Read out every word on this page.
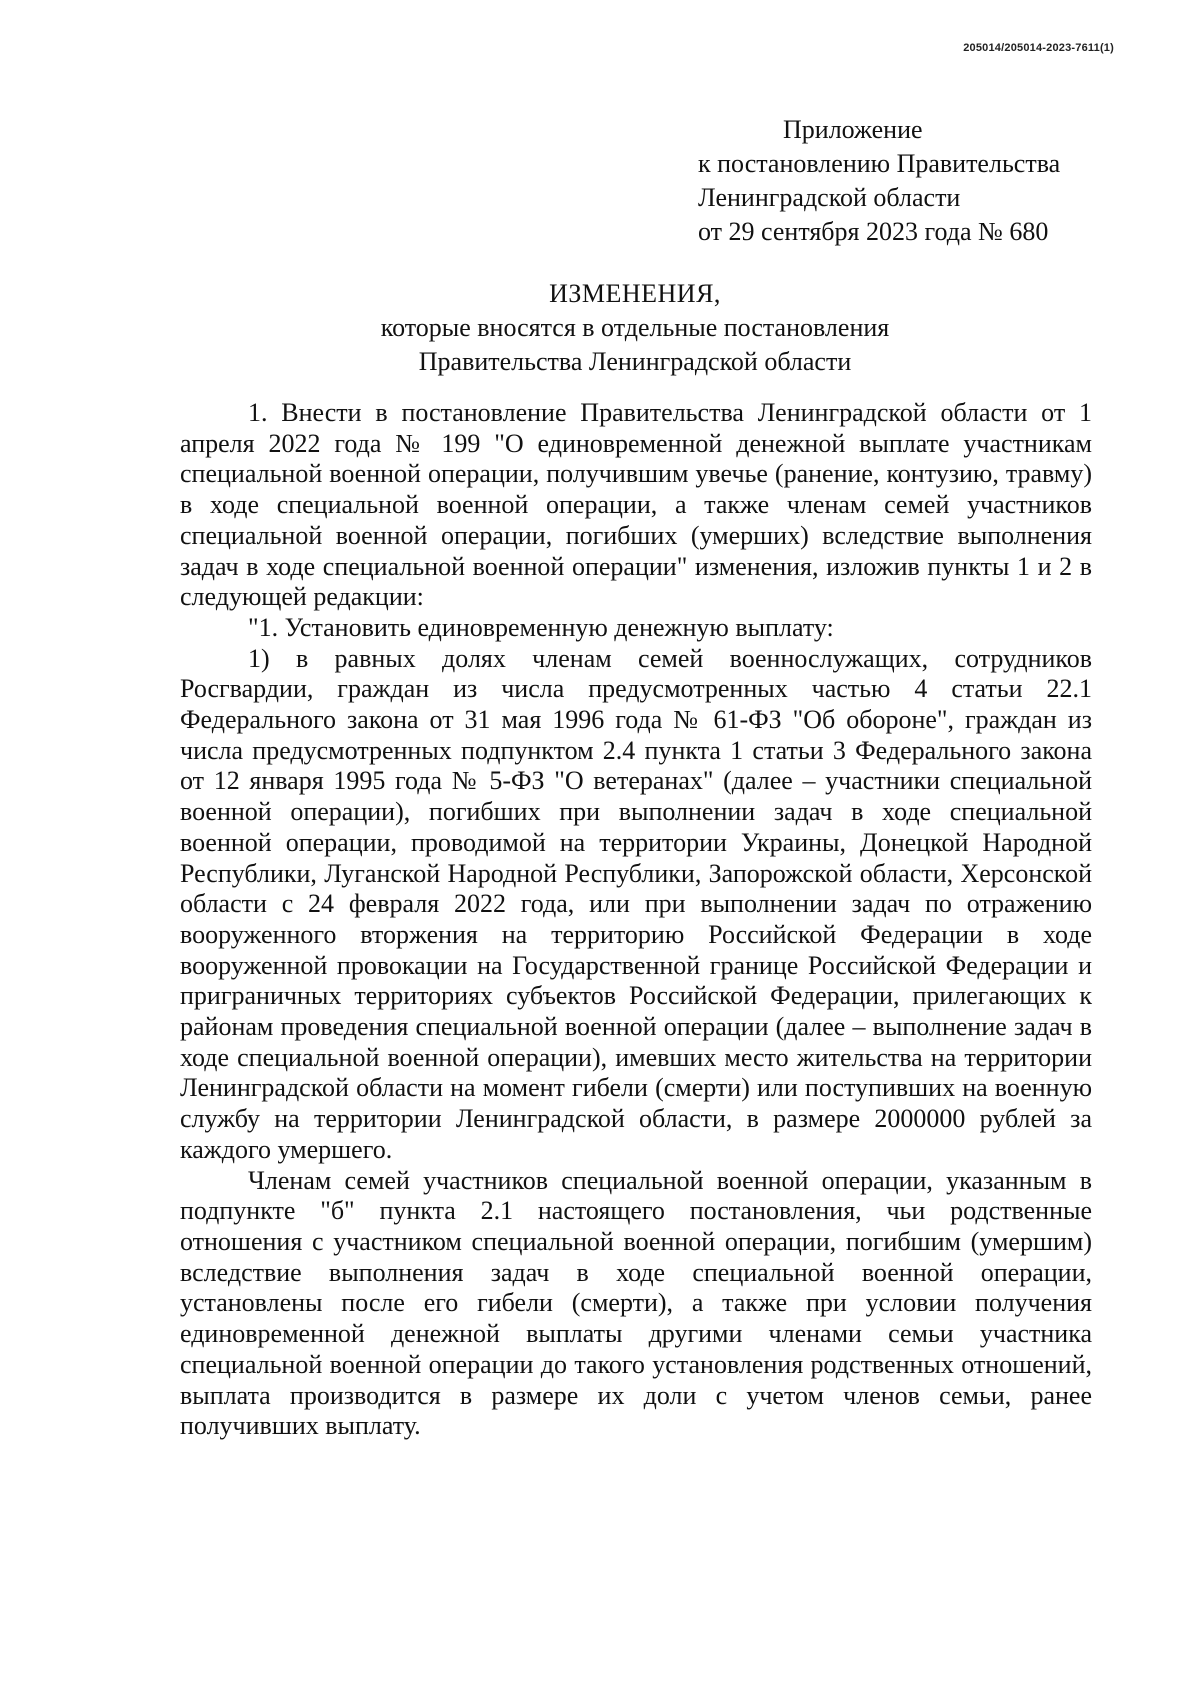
205014/205014-2023-7611(1)
Приложение
к постановлению Правительства
Ленинградской области
от 29 сентября 2023 года № 680
ИЗМЕНЕНИЯ,
которые вносятся в отдельные постановления
Правительства Ленинградской области

1. Внести в постановление Правительства Ленинградской области от 1 апреля 2022 года № 199 "О единовременной денежной выплате участникам специальной военной операции, получившим увечье (ранение, контузию, травму) в ходе специальной военной операции, а также членам семей участников специальной военной операции, погибших (умерших) вследствие выполнения задач в ходе специальной военной операции" изменения, изложив пункты 1 и 2 в следующей редакции:

"1. Установить единовременную денежную выплату:

1) в равных долях членам семей военнослужащих, сотрудников Росгвардии, граждан из числа предусмотренных частью 4 статьи 22.1 Федерального закона от 31 мая 1996 года № 61-ФЗ "Об обороне", граждан из числа предусмотренных подпунктом 2.4 пункта 1 статьи 3 Федерального закона от 12 января 1995 года № 5-ФЗ "О ветеранах" (далее – участники специальной военной операции), погибших при выполнении задач в ходе специальной военной операции, проводимой на территории Украины, Донецкой Народной Республики, Луганской Народной Республики, Запорожской области, Херсонской области с 24 февраля 2022 года, или при выполнении задач по отражению вооруженного вторжения на территорию Российской Федерации в ходе вооруженной провокации на Государственной границе Российской Федерации и приграничных территориях субъектов Российской Федерации, прилегающих к районам проведения специальной военной операции (далее – выполнение задач в ходе специальной военной операции), имевших место жительства на территории Ленинградской области на момент гибели (смерти) или поступивших на военную службу на территории Ленинградской области, в размере 2000000 рублей за каждого умершего.

Членам семей участников специальной военной операции, указанным в подпункте "б" пункта 2.1 настоящего постановления, чьи родственные отношения с участником специальной военной операции, погибшим (умершим) вследствие выполнения задач в ходе специальной военной операции, установлены после его гибели (смерти), а также при условии получения единовременной денежной выплаты другими членами семьи участника специальной военной операции до такого установления родственных отношений, выплата производится в размере их доли с учетом членов семьи, ранее получивших выплату.
